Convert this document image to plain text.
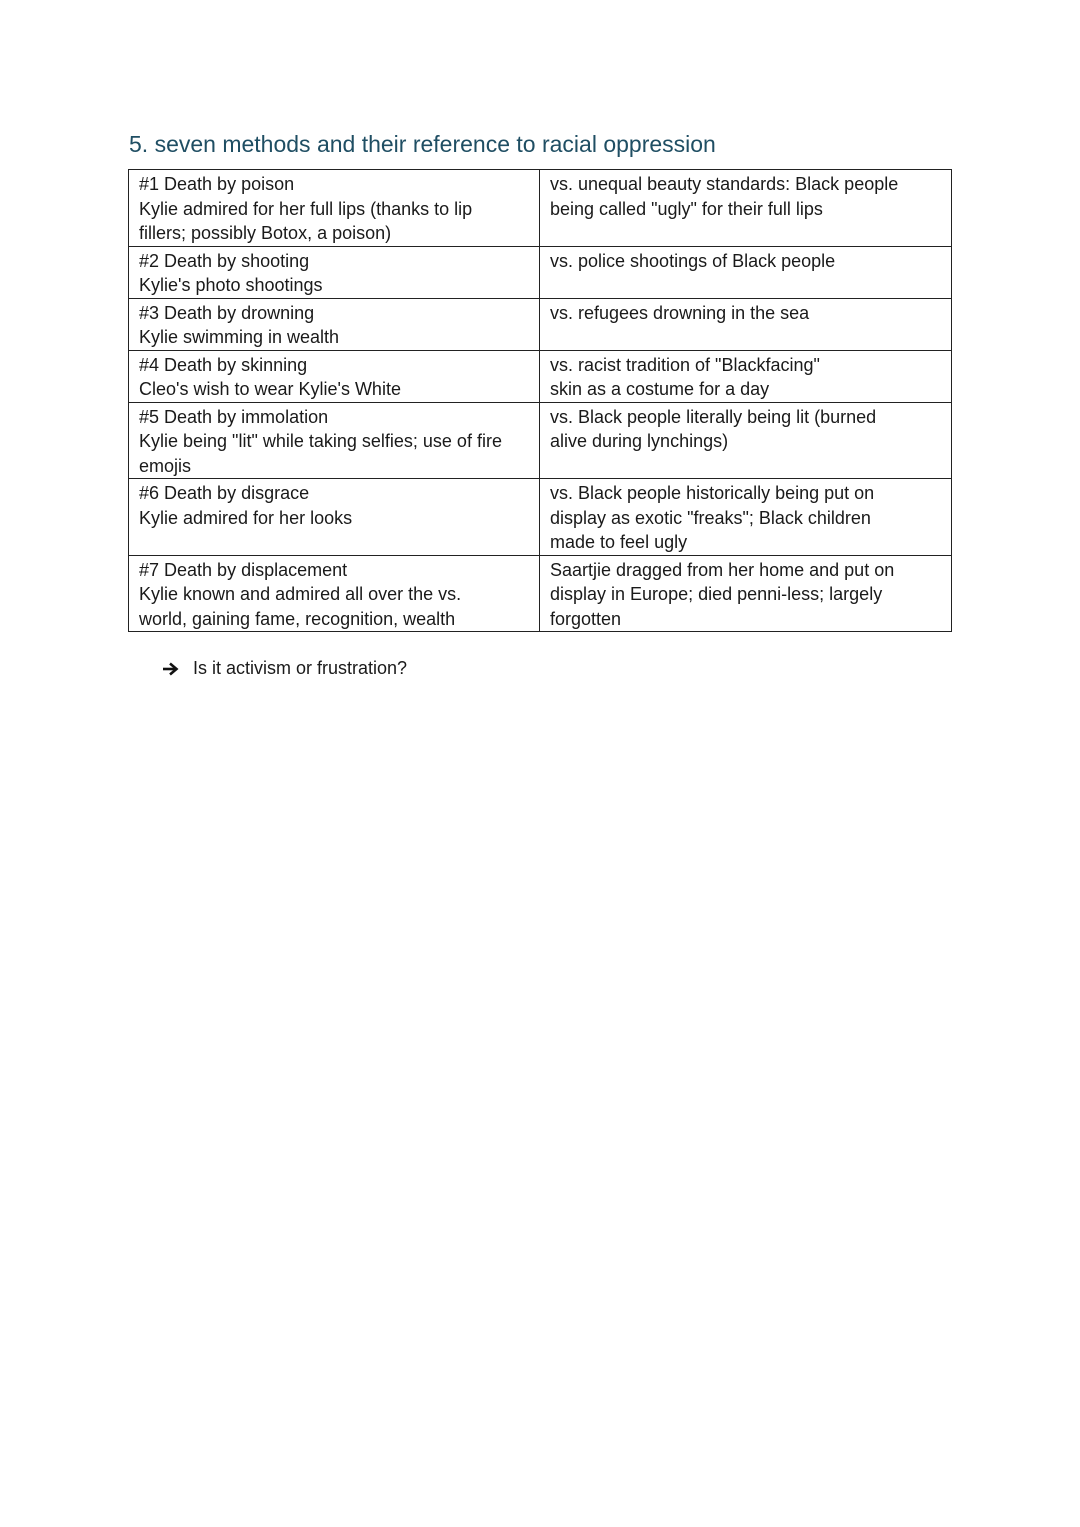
5. seven methods and their reference to racial oppression
#1 Death by poison
Kylie admired for her full lips (thanks to lip
fillers; possibly Botox, a poison)	vs. unequal beauty standards: Black people
being called "ugly" for their full lips

#2 Death by shooting
Kylie's photo shootings	vs. police shootings of Black people

#3 Death by drowning
Kylie swimming in wealth	vs. refugees drowning in the sea

#4 Death by skinning
Cleo's wish to wear Kylie's White	vs. racist tradition of "Blackfacing"
skin as a costume for a day

#5 Death by immolation
Kylie being "lit" while taking selfies; use of fire
emojis	vs. Black people literally being lit (burned
alive during lynchings)

#6 Death by disgrace
Kylie admired for her looks	vs. Black people historically being put on
display as exotic "freaks"; Black children
made to feel ugly

#7 Death by displacement
Kylie known and admired all over the vs.
world, gaining fame, recognition, wealth	Saartjie dragged from her home and put on
display in Europe; died penni-less; largely
forgotten
Is it activism or frustration?
